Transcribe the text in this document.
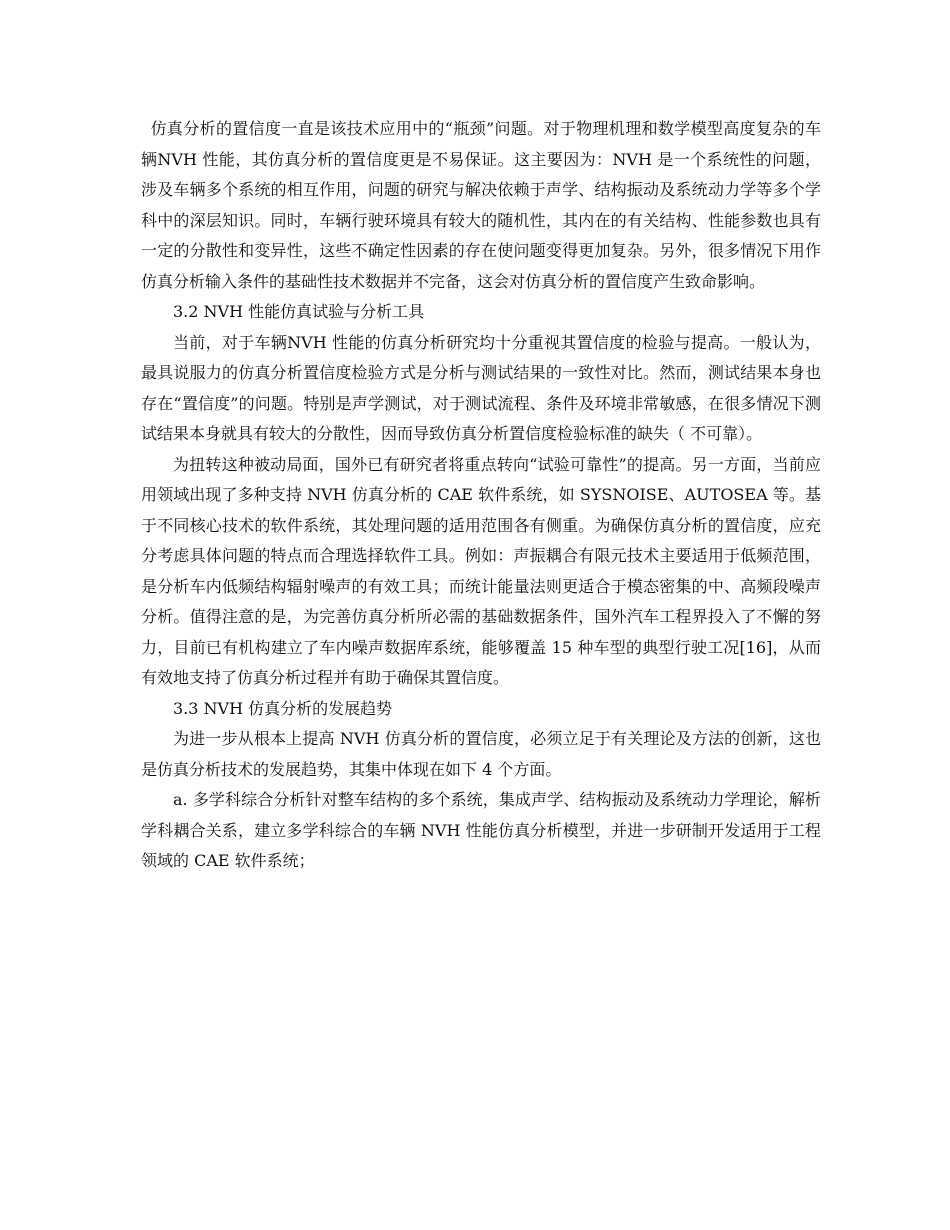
仿真分析的置信度一直是该技术应用中的“瓶颈”问题。对于物理机理和数学模型高度复杂的车辆NVH 性能，其仿真分析的置信度更是不易保证。这主要因为：NVH 是一个系统性的问题，涉及车辆多个系统的相互作用，问题的研究与解决依赖于声学、结构振动及系统动力学等多个学科中的深层知识。同时，车辆行驶环境具有较大的随机性，其内在的有关结构、性能参数也具有一定的分散性和变异性，这些不确定性因素的存在使问题变得更加复杂。另外，很多情况下用作仿真分析输入条件的基础性技术数据并不完备，这会对仿真分析的置信度产生致命影响。

3.2 NVH 性能仿真试验与分析工具

当前，对于车辆NVH 性能的仿真分析研究均十分重视其置信度的检验与提高。一般认为，最具说服力的仿真分析置信度检验方式是分析与测试结果的一致性对比。然而，测试结果本身也存在“置信度”的问题。特别是声学测试，对于测试流程、条件及环境非常敏感，在很多情况下测试结果本身就具有较大的分散性，因而导致仿真分析置信度检验标准的缺失（ 不可靠）。

为扭转这种被动局面，国外已有研究者将重点转向“试验可靠性”的提高。另一方面，当前应用领域出现了多种支持 NVH 仿真分析的 CAE 软件系统，如 SYSNOISE、AUTOSEA 等。基于不同核心技术的软件系统，其处理问题的适用范围各有侧重。为确保仿真分析的置信度，应充分考虑具体问题的特点而合理选择软件工具。例如：声振耦合有限元技术主要适用于低频范围，是分析车内低频结构辐射噪声的有效工具；而统计能量法则更适合于模态密集的中、高频段噪声分析。值得注意的是，为完善仿真分析所必需的基础数据条件，国外汽车工程界投入了不懈的努力，目前已有机构建立了车内噪声数据库系统，能够覆盖 15 种车型的典型行驶工况[16]，从而有效地支持了仿真分析过程并有助于确保其置信度。

3.3 NVH 仿真分析的发展趋势

为进一步从根本上提高 NVH 仿真分析的置信度，必须立足于有关理论及方法的创新，这也是仿真分析技术的发展趋势，其集中体现在如下 4 个方面。

a. 多学科综合分析针对整车结构的多个系统，集成声学、结构振动及系统动力学理论，解析学科耦合关系，建立多学科综合的车辆 NVH 性能仿真分析模型，并进一步研制开发适用于工程领域的 CAE 软件系统；
